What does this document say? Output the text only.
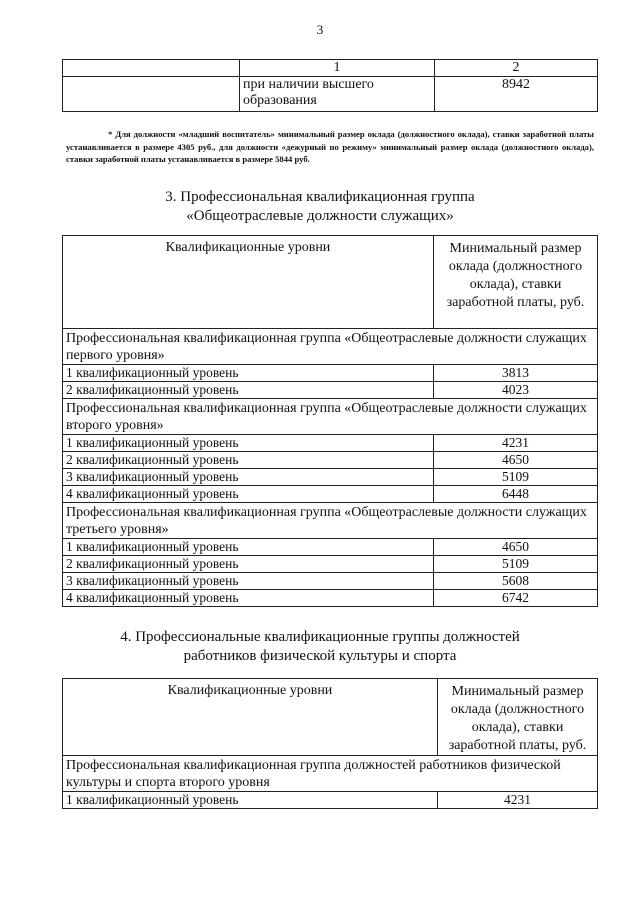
3
	1	2
	при наличии высшего образования	8942
* Для должности «младший воспитатель» минимальный размер оклада (должностного оклада), ставки заработной платы устанавливается в размере 4305 руб., для должности «дежурный по режиму» минимальный размер оклада (должностного оклада), ставки заработной платы устанавливается в размере 5844 руб.
3. Профессиональная квалификационная группа
«Общеотраслевые должности служащих»
Квалификационные уровни	Минимальный размер оклада (должностного оклада), ставки заработной платы, руб.
Профессиональная квалификационная группа «Общеотраслевые должности служащих первого уровня»	
1 квалификационный уровень	3813
2 квалификационный уровень	4023
Профессиональная квалификационная группа «Общеотраслевые должности служащих второго уровня»	
1 квалификационный уровень	4231
2 квалификационный уровень	4650
3 квалификационный уровень	5109
4 квалификационный уровень	6448
Профессиональная квалификационная группа «Общеотраслевые должности служащих третьего уровня»	
1 квалификационный уровень	4650
2 квалификационный уровень	5109
3 квалификационный уровень	5608
4 квалификационный уровень	6742
4. Профессиональные квалификационные группы должностей
работников физической культуры и спорта
Квалификационные уровни	Минимальный размер оклада (должностного оклада), ставки заработной платы, руб.
Профессиональная квалификационная группа должностей работников физической культуры и спорта второго уровня	
1 квалификационный уровень	4231
